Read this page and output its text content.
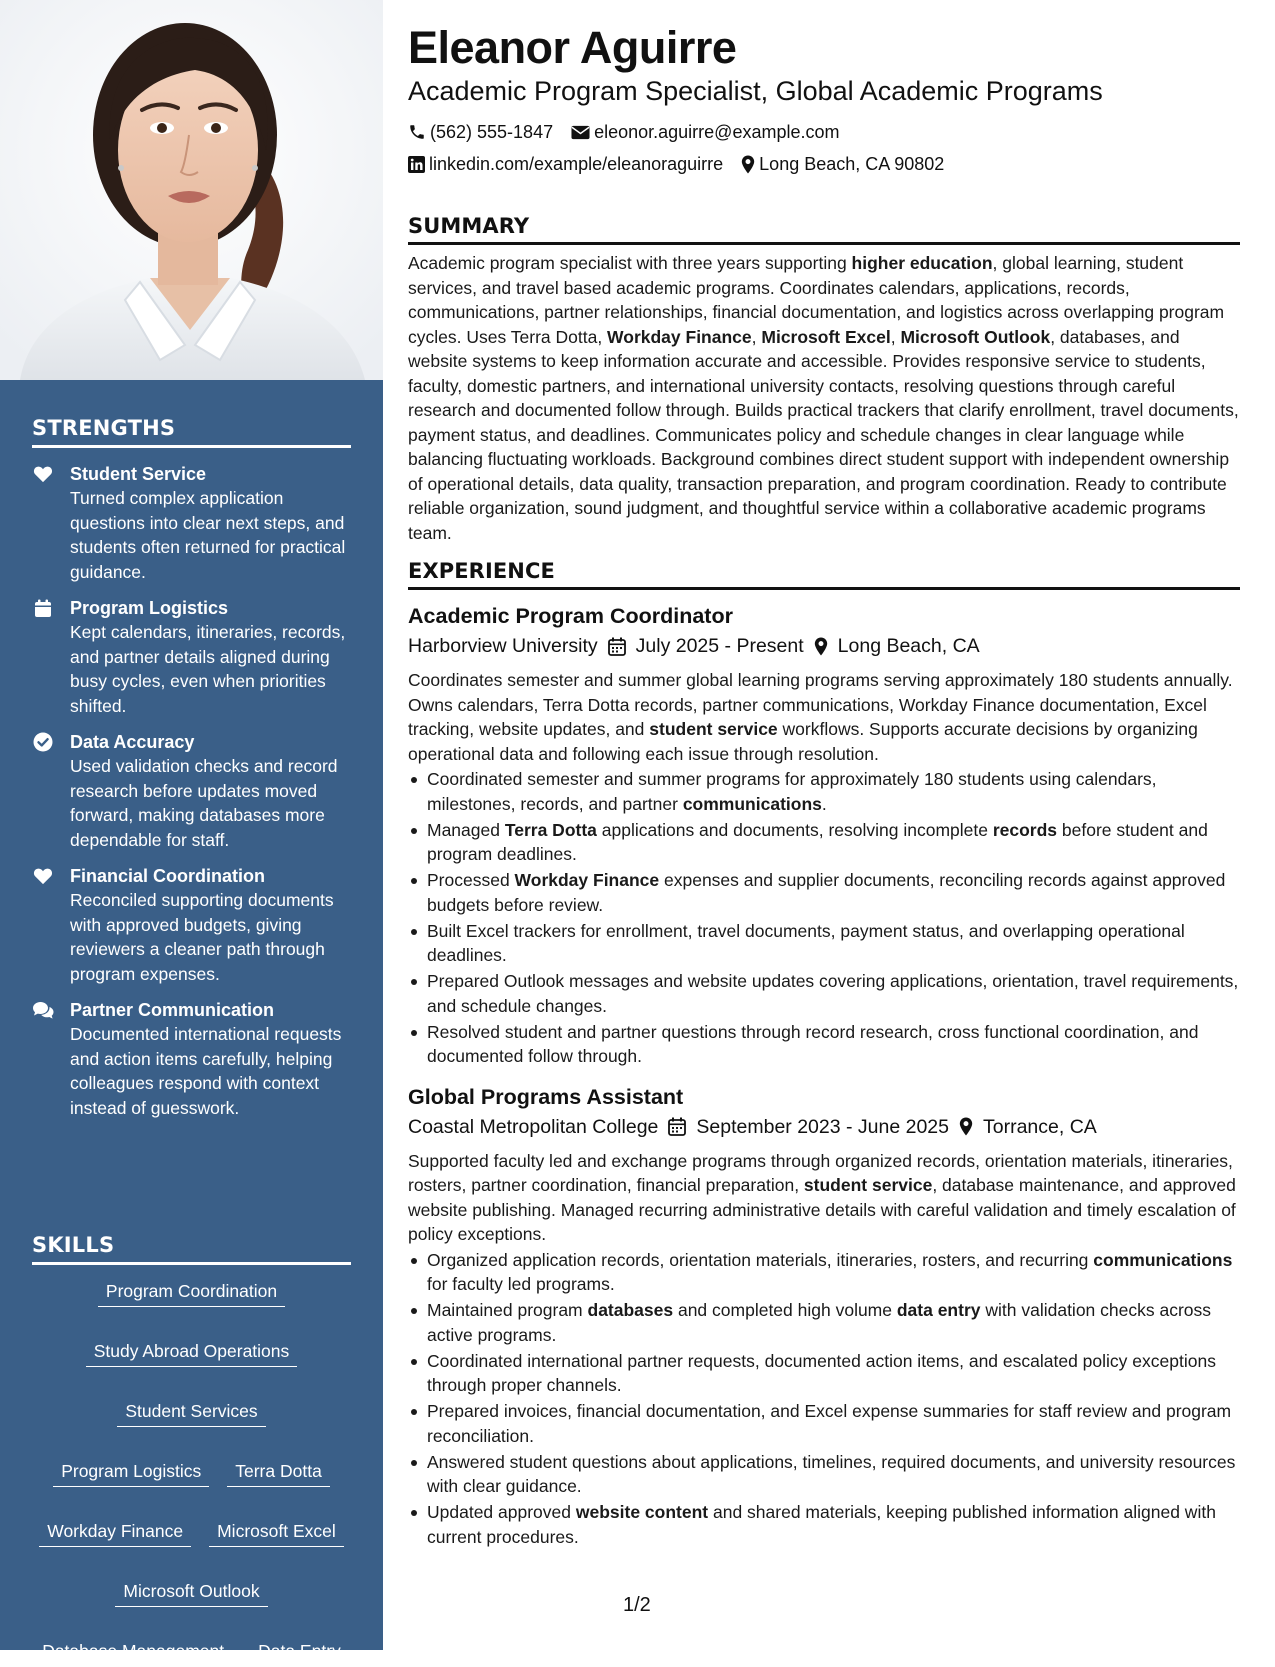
STRENGTHS
Student Service
Turned complex application questions into clear next steps, and students often returned for practical guidance.
Program Logistics
Kept calendars, itineraries, records, and partner details aligned during busy cycles, even when priorities shifted.
Data Accuracy
Used validation checks and record research before updates moved forward, making databases more dependable for staff.
Financial Coordination
Reconciled supporting documents with approved budgets, giving reviewers a cleaner path through program expenses.
Partner Communication
Documented international requests and action items carefully, helping colleagues respond with context instead of guesswork.
SKILLS
Program Coordination
Study Abroad Operations
Student Services
Program Logistics	Terra Dotta
Workday Finance	Microsoft Excel
Microsoft Outlook
Database Management	Data Entry
Eleanor Aguirre
Academic Program Specialist, Global Academic Programs
(562) 555-1847 eleonor.aguirre@example.com
linkedin.com/example/eleanoraguirre Long Beach, CA 90802
SUMMARY

Academic program specialist with three years supporting higher education, global learning, student services, and travel based academic programs. Coordinates calendars, applications, records, communications, partner relationships, financial documentation, and logistics across overlapping program cycles. Uses Terra Dotta, Workday Finance, Microsoft Excel, Microsoft Outlook, databases, and website systems to keep information accurate and accessible. Provides responsive service to students, faculty, domestic partners, and international university contacts, resolving questions through careful research and documented follow through. Builds practical trackers that clarify enrollment, travel documents, payment status, and deadlines. Communicates policy and schedule changes in clear language while balancing fluctuating workloads. Background combines direct student support with independent ownership of operational details, data quality, transaction preparation, and program coordination. Ready to contribute reliable organization, sound judgment, and thoughtful service within a collaborative academic programs team.

EXPERIENCE
Academic Program Coordinator
Harborview University July 2025 - Present Long Beach, CA

Coordinates semester and summer global learning programs serving approximately 180 students annually. Owns calendars, Terra Dotta records, partner communications, Workday Finance documentation, Excel tracking, website updates, and student service workflows. Supports accurate decisions by organizing operational data and following each issue through resolution.

Coordinated semester and summer programs for approximately 180 students using calendars, milestones, records, and partner communications.
Managed Terra Dotta applications and documents, resolving incomplete records before student and program deadlines.
Processed Workday Finance expenses and supplier documents, reconciling records against approved budgets before review.
Built Excel trackers for enrollment, travel documents, payment status, and overlapping operational deadlines.
Prepared Outlook messages and website updates covering applications, orientation, travel requirements, and schedule changes.
Resolved student and partner questions through record research, cross functional coordination, and documented follow through.
Global Programs Assistant
Coastal Metropolitan College September 2023 - June 2025 Torrance, CA

Supported faculty led and exchange programs through organized records, orientation materials, itineraries, rosters, partner coordination, financial preparation, student service, database maintenance, and approved website publishing. Managed recurring administrative details with careful validation and timely escalation of policy exceptions.

Organized application records, orientation materials, itineraries, rosters, and recurring communications for faculty led programs.
Maintained program databases and completed high volume data entry with validation checks across active programs.
Coordinated international partner requests, documented action items, and escalated policy exceptions through proper channels.
Prepared invoices, financial documentation, and Excel expense summaries for staff review and program reconciliation.
Answered student questions about applications, timelines, required documents, and university resources with clear guidance.
Updated approved website content and shared materials, keeping published information aligned with current procedures.
1/2
